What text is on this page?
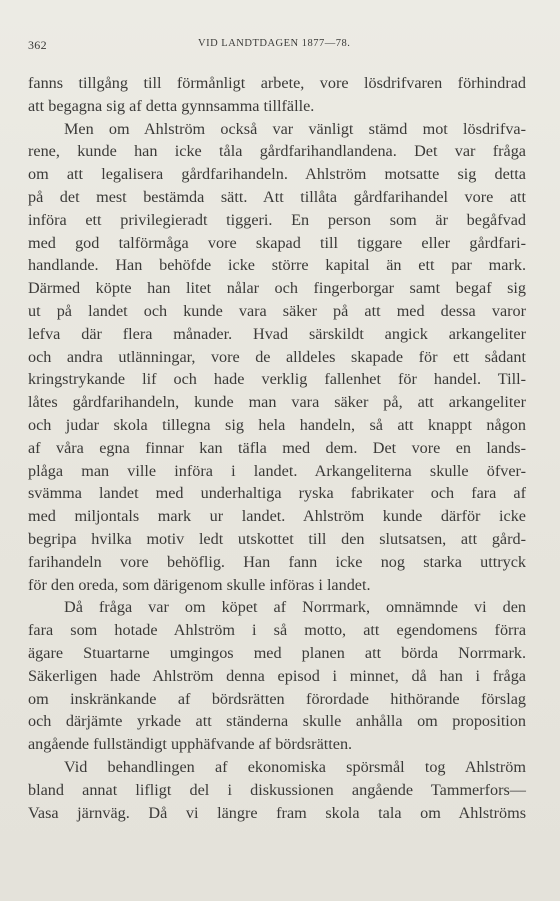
362	VID LANDTDAGEN 1877—78.
fanns tillgång till förmånligt arbete, vore lösdrifvaren förhindrad
att begagna sig af detta gynnsamma tillfälle.
Men om Ahlström också var vänligt stämd mot lösdrifva-
rene, kunde han icke tåla gårdfarihandlandena. Det var fråga
om att legalisera gårdfarihandeln. Ahlström motsatte sig detta
på det mest bestämda sätt. Att tillåta gårdfarihandel vore att
införa ett privilegieradt tiggeri. En person som är begåfvad
med god talförmåga vore skapad till tiggare eller gårdfari-
handlande. Han behöfde icke större kapital än ett par mark.
Därmed köpte han litet nålar och fingerborgar samt begaf sig
ut på landet och kunde vara säker på att med dessa varor
lefva där flera månader. Hvad särskildt angick arkangeliter
och andra utlänningar, vore de alldeles skapade för ett sådant
kringstrykande lif och hade verklig fallenhet för handel. Till-
låtes gårdfarihandeln, kunde man vara säker på, att arkangeliter
och judar skola tillegna sig hela handeln, så att knappt någon
af våra egna finnar kan täfla med dem. Det vore en lands-
plåga man ville införa i landet. Arkangeliterna skulle öfver-
svämma landet med underhaltiga ryska fabrikater och fara af
med miljontals mark ur landet. Ahlström kunde därför icke
begripa hvilka motiv ledt utskottet till den slutsatsen, att gård-
farihandeln vore behöflig. Han fann icke nog starka uttryck
för den oreda, som därigenom skulle införas i landet.
Då fråga var om köpet af Norrmark, omnämnde vi den
fara som hotade Ahlström i så motto, att egendomens förra
ägare Stuartarne umgingos med planen att börda Norrmark.
Säkerligen hade Ahlström denna episod i minnet, då han i fråga
om inskränkande af bördsrätten förordade hithörande förslag
och därjämte yrkade att ständerna skulle anhålla om proposition
angående fullständigt upphäfvande af bördsrätten.
Vid behandlingen af ekonomiska spörsmål tog Ahlström
bland annat lifligt del i diskussionen angående Tammerfors—
Vasa järnväg. Då vi längre fram skola tala om Ahlströms
